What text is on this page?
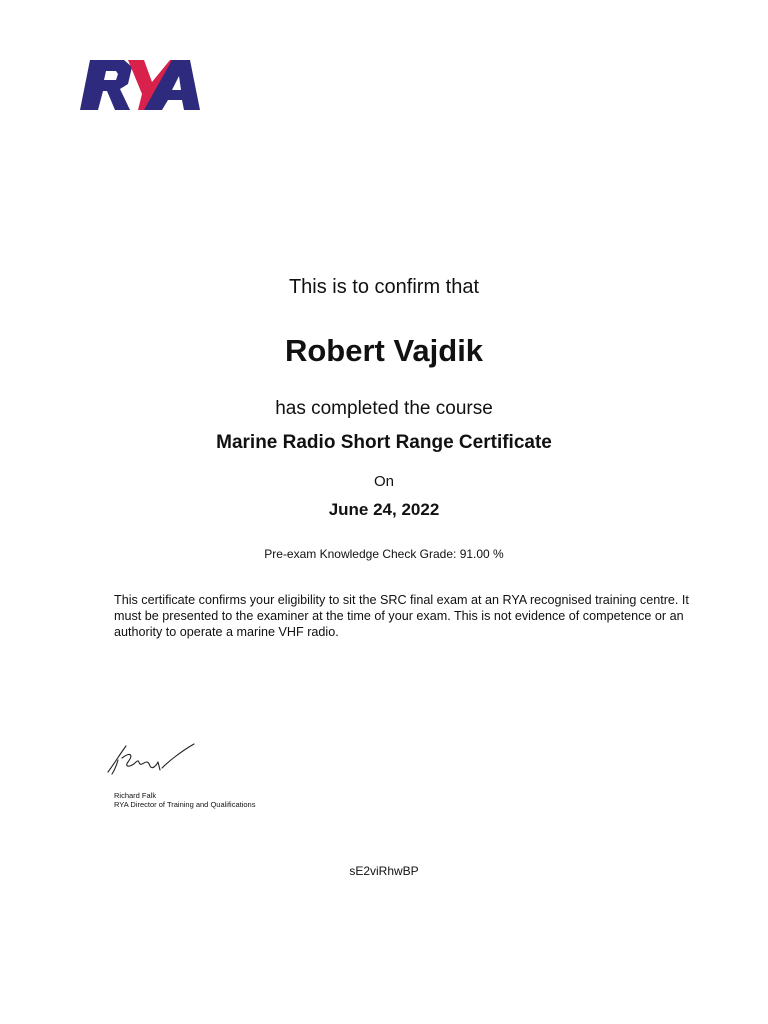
This is to confirm that
Robert Vajdik
has completed the course
Marine Radio Short Range Certificate
On
June 24, 2022
Pre-exam Knowledge Check Grade: 91.00 %
This certificate confirms your eligibility to sit the SRC final exam at an RYA recognised training centre. It must be presented to the examiner at the time of your exam. This is not evidence of competence or an authority to operate a marine VHF radio.
Richard Falk
RYA Director of Training and Qualifications
sE2viRhwBP
